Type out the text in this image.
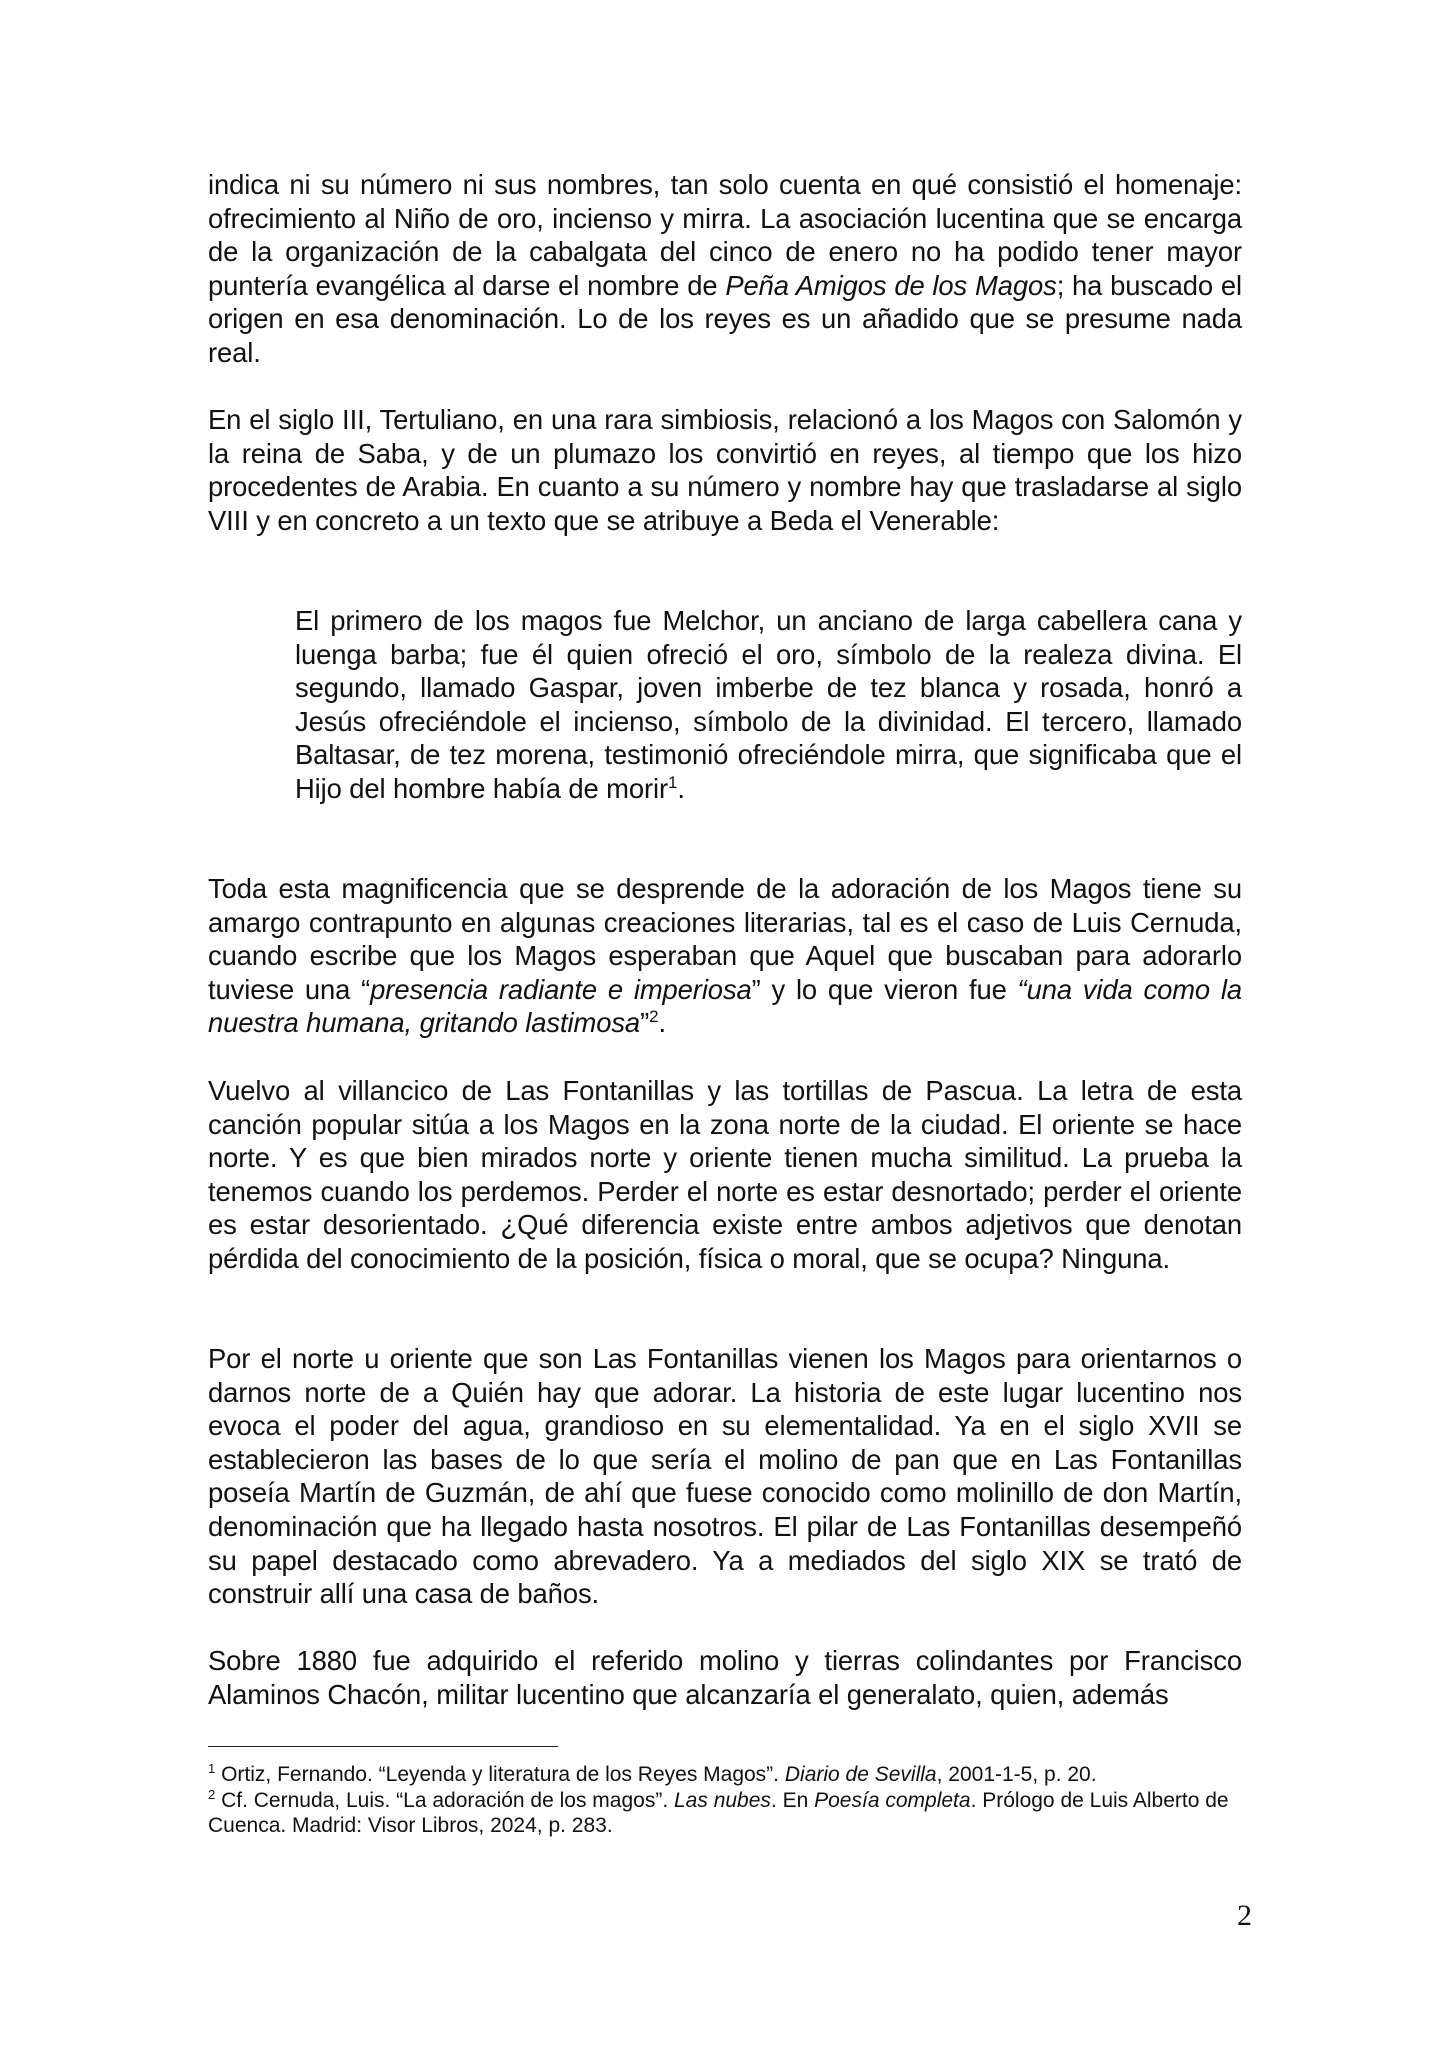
indica ni su número ni sus nombres, tan solo cuenta en qué consistió el homenaje: ofrecimiento al Niño de oro, incienso y mirra. La asociación lucentina que se encarga de la organización de la cabalgata del cinco de enero no ha podido tener mayor puntería evangélica al darse el nombre de Peña Amigos de los Magos; ha buscado el origen en esa denominación. Lo de los reyes es un añadido que se presume nada real.

En el siglo III, Tertuliano, en una rara simbiosis, relacionó a los Magos con Salomón y la reina de Saba, y de un plumazo los convirtió en reyes, al tiempo que los hizo procedentes de Arabia. En cuanto a su número y nombre hay que trasladarse al siglo VIII y en concreto a un texto que se atribuye a Beda el Venerable:

El primero de los magos fue Melchor, un anciano de larga cabellera cana y luenga barba; fue él quien ofreció el oro, símbolo de la realeza divina. El segundo, llamado Gaspar, joven imberbe de tez blanca y rosada, honró a Jesús ofreciéndole el incienso, símbolo de la divinidad. El tercero, llamado Baltasar, de tez morena, testimonió ofreciéndole mirra, que significaba que el Hijo del hombre había de morir$^1$.

Toda esta magnificencia que se desprende de la adoración de los Magos tiene su amargo contrapunto en algunas creaciones literarias, tal es el caso de Luis Cernuda, cuando escribe que los Magos esperaban que Aquel que buscaban para adorarlo tuviese una “presencia radiante e imperiosa” y lo que vieron fue “una vida como la nuestra humana, gritando lastimosa”$^2$.

Vuelvo al villancico de Las Fontanillas y las tortillas de Pascua. La letra de esta canción popular sitúa a los Magos en la zona norte de la ciudad. El oriente se hace norte. Y es que bien mirados norte y oriente tienen mucha similitud. La prueba la tenemos cuando los perdemos. Perder el norte es estar desnortado; perder el oriente es estar desorientado. ¿Qué diferencia existe entre ambos adjetivos que denotan pérdida del conocimiento de la posición, física o moral, que se ocupa? Ninguna.

Por el norte u oriente que son Las Fontanillas vienen los Magos para orientarnos o darnos norte de a Quién hay que adorar. La historia de este lugar lucentino nos evoca el poder del agua, grandioso en su elementalidad. Ya en el siglo XVII se establecieron las bases de lo que sería el molino de pan que en Las Fontanillas poseía Martín de Guzmán, de ahí que fuese conocido como molinillo de don Martín, denominación que ha llegado hasta nosotros. El pilar de Las Fontanillas desempeñó su papel destacado como abrevadero. Ya a mediados del siglo XIX se trató de construir allí una casa de baños.

Sobre 1880 fue adquirido el referido molino y tierras colindantes por Francisco Alaminos Chacón, militar lucentino que alcanzaría el generalato, quien, además

$^1$ Ortiz, Fernando. “Leyenda y literatura de los Reyes Magos”. Diario de Sevilla, 2001-1-5, p. 20.

$^2$ Cf. Cernuda, Luis. “La adoración de los magos”. Las nubes. En Poesía completa. Prólogo de Luis Alberto de Cuenca. Madrid: Visor Libros, 2024, p. 283.

2
